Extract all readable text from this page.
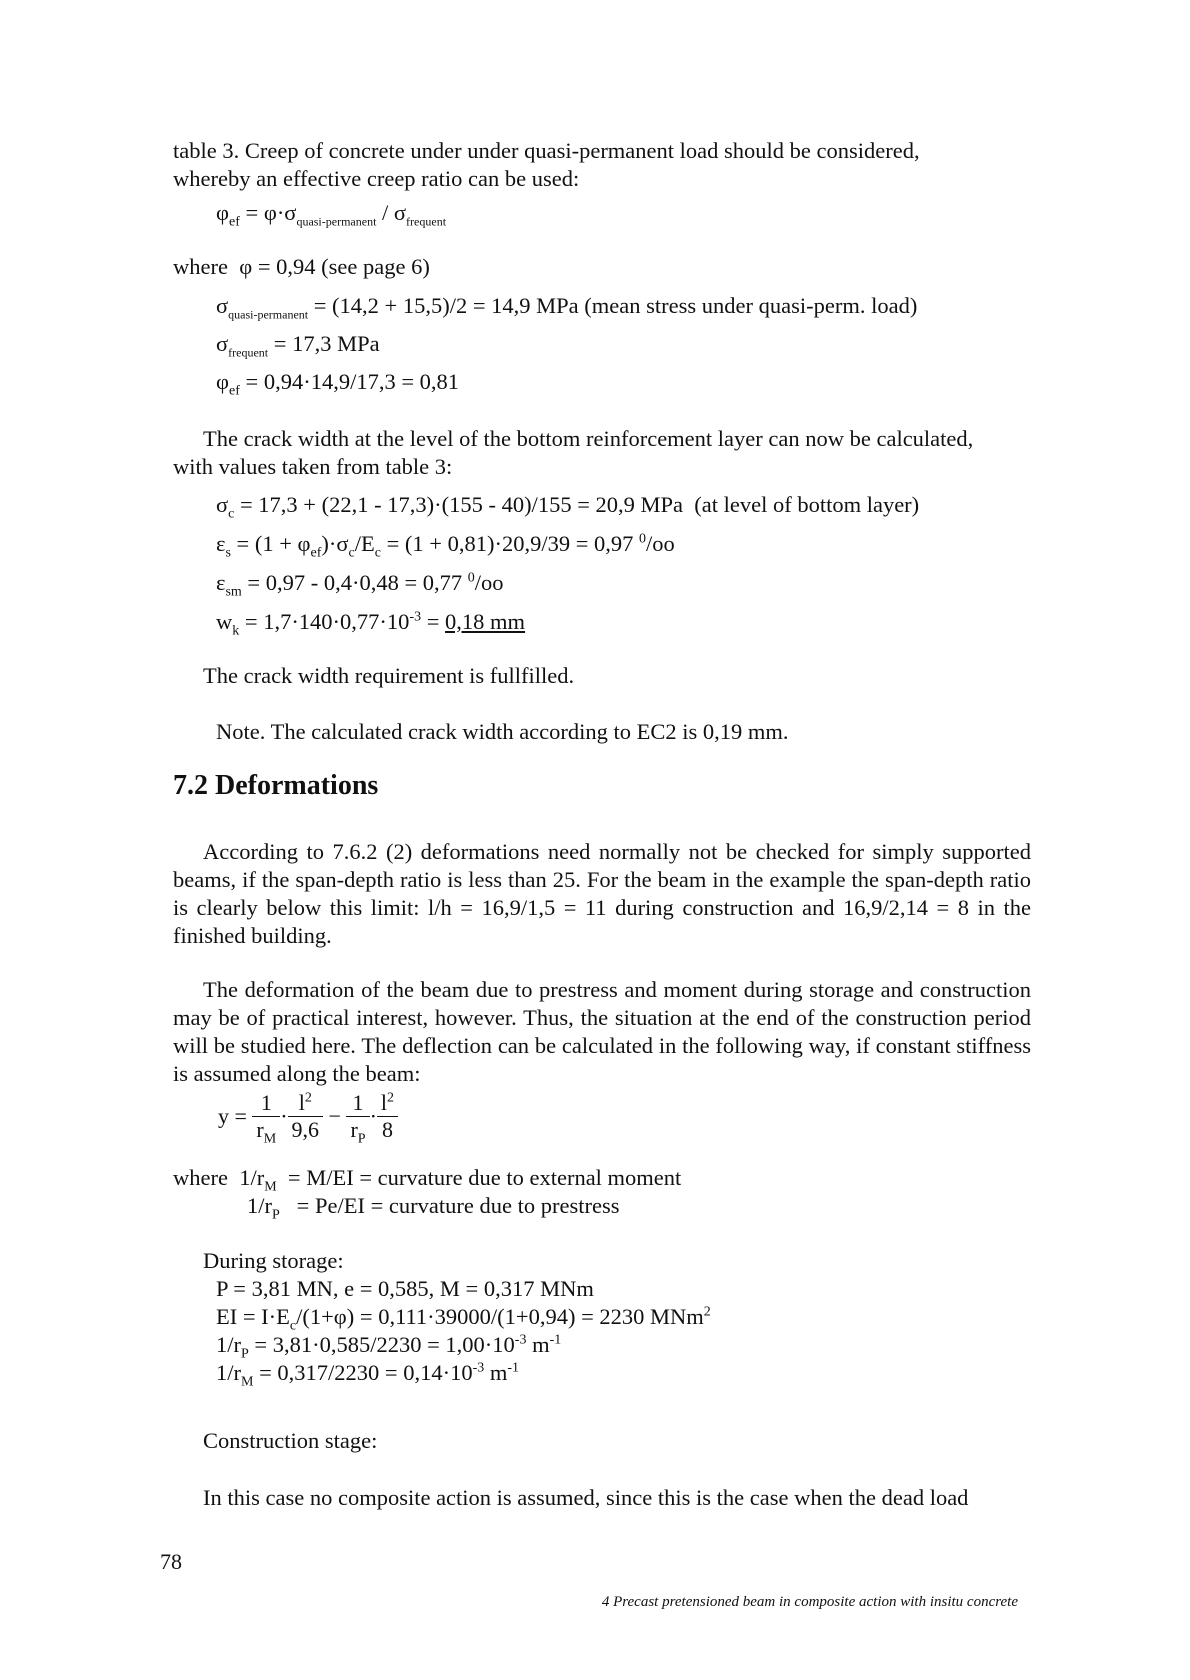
table 3. Creep of concrete under under quasi-permanent load should be considered,
whereby an effective creep ratio can be used:
$\varphi_{ef} = \varphi\cdot\sigma_{quasi-permanent} / \sigma_{frequent}$
where  φ = 0,94 (see page 6)
$\sigma_{quasi-permanent} = (14,2 + 15,5)/2 = 14,9$ MPa (mean stress under quasi-perm. load)
$\sigma_{frequent} = 17,3$ MPa
$\varphi_{ef} = 0,94\cdot 14,9/17,3 = 0,81$
The crack width at the level of the bottom reinforcement layer can now be calculated,
with values taken from table 3:
$\sigma_c = 17,3 + (22,1 - 17,3)\cdot(155 - 40)/155 = 20,9$ MPa  (at level of bottom layer)
$\varepsilon_s = (1 + \varphi_{ef})\cdot\sigma_c/E_c = (1 + 0,81)\cdot 20,9/39 = 0,97$ $^0$/oo
$\varepsilon_{sm} = 0,97 - 0,4\cdot 0,48 = 0,77$ $^0$/oo
$w_k = 1,7\cdot 140\cdot 0,77\cdot 10^{-3} = 0,18$ mm
The crack width requirement is fullfilled.
Note. The calculated crack width according to EC2 is 0,19 mm.
7.2 Deformations
According to 7.6.2 (2) deformations need normally not be checked for simply supported beams, if the span-depth ratio is less than 25. For the beam in the example the span-depth ratio is clearly below this limit: l/h = 16,9/1,5 = 11 during construction and 16,9/2,14 = 8 in the finished building.
The deformation of the beam due to prestress and moment during storage and construction may be of practical interest, however. Thus, the situation at the end of the construction period will be studied here. The deflection can be calculated in the following way, if constant stiffness is assumed along the beam:
$y = \frac{1}{r_M} \cdot \frac{l^2}{9,6} - \frac{1}{r_P} \cdot \frac{l^2}{8}$
where  $1/r_M = M/EI$ = curvature due to external moment
$1/r_P = Pe/EI$ = curvature due to prestress
During storage:
P = 3,81 MN, e = 0,585, M = 0,317 MNm
EI = $I\cdot E_c/(1+\varphi) = 0,111\cdot 39000/(1+0,94) = 2230$ MNm$^2$
$1/r_P = 3,81\cdot 0,585/2230 = 1,00\cdot 10^{-3}$ $m^{-1}$
$1/r_M = 0,317/2230 = 0,14\cdot 10^{-3}$ $m^{-1}$
Construction stage:
In this case no composite action is assumed, since this is the case when the dead load
78
4 Precast pretensioned beam in composite action with insitu concrete
